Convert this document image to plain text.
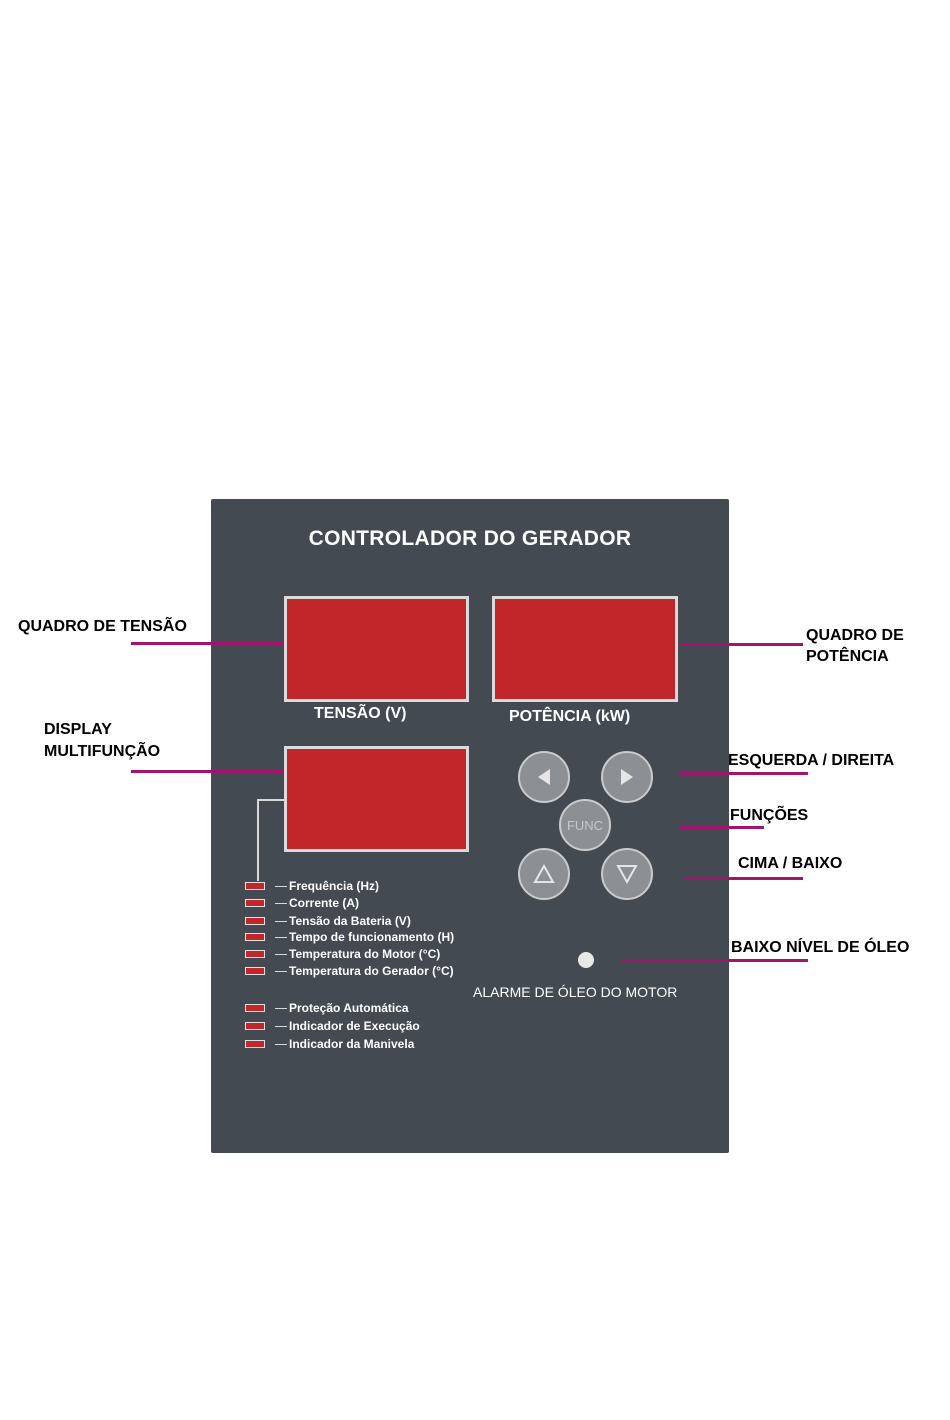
CONTROLADOR DO GERADOR
TENSÃO (V)	POTÊNCIA (kW)
FUNC
Frequência (Hz)
Corrente (A)
Tensão da Bateria (V)
Tempo de funcionamento (H)
Temperatura do Motor (°C)
Temperatura do Gerador (°C)
Proteção Automática
Indicador de Execução
Indicador da Manivela
ALARME DE ÓLEO DO MOTOR
QUADRO DE TENSÃO
DISPLAY
MULTIFUNÇÃO
QUADRO DE
POTÊNCIA
ESQUERDA / DIREITA
FUNÇÕES
CIMA / BAIXO
BAIXO NÍVEL DE ÓLEO
